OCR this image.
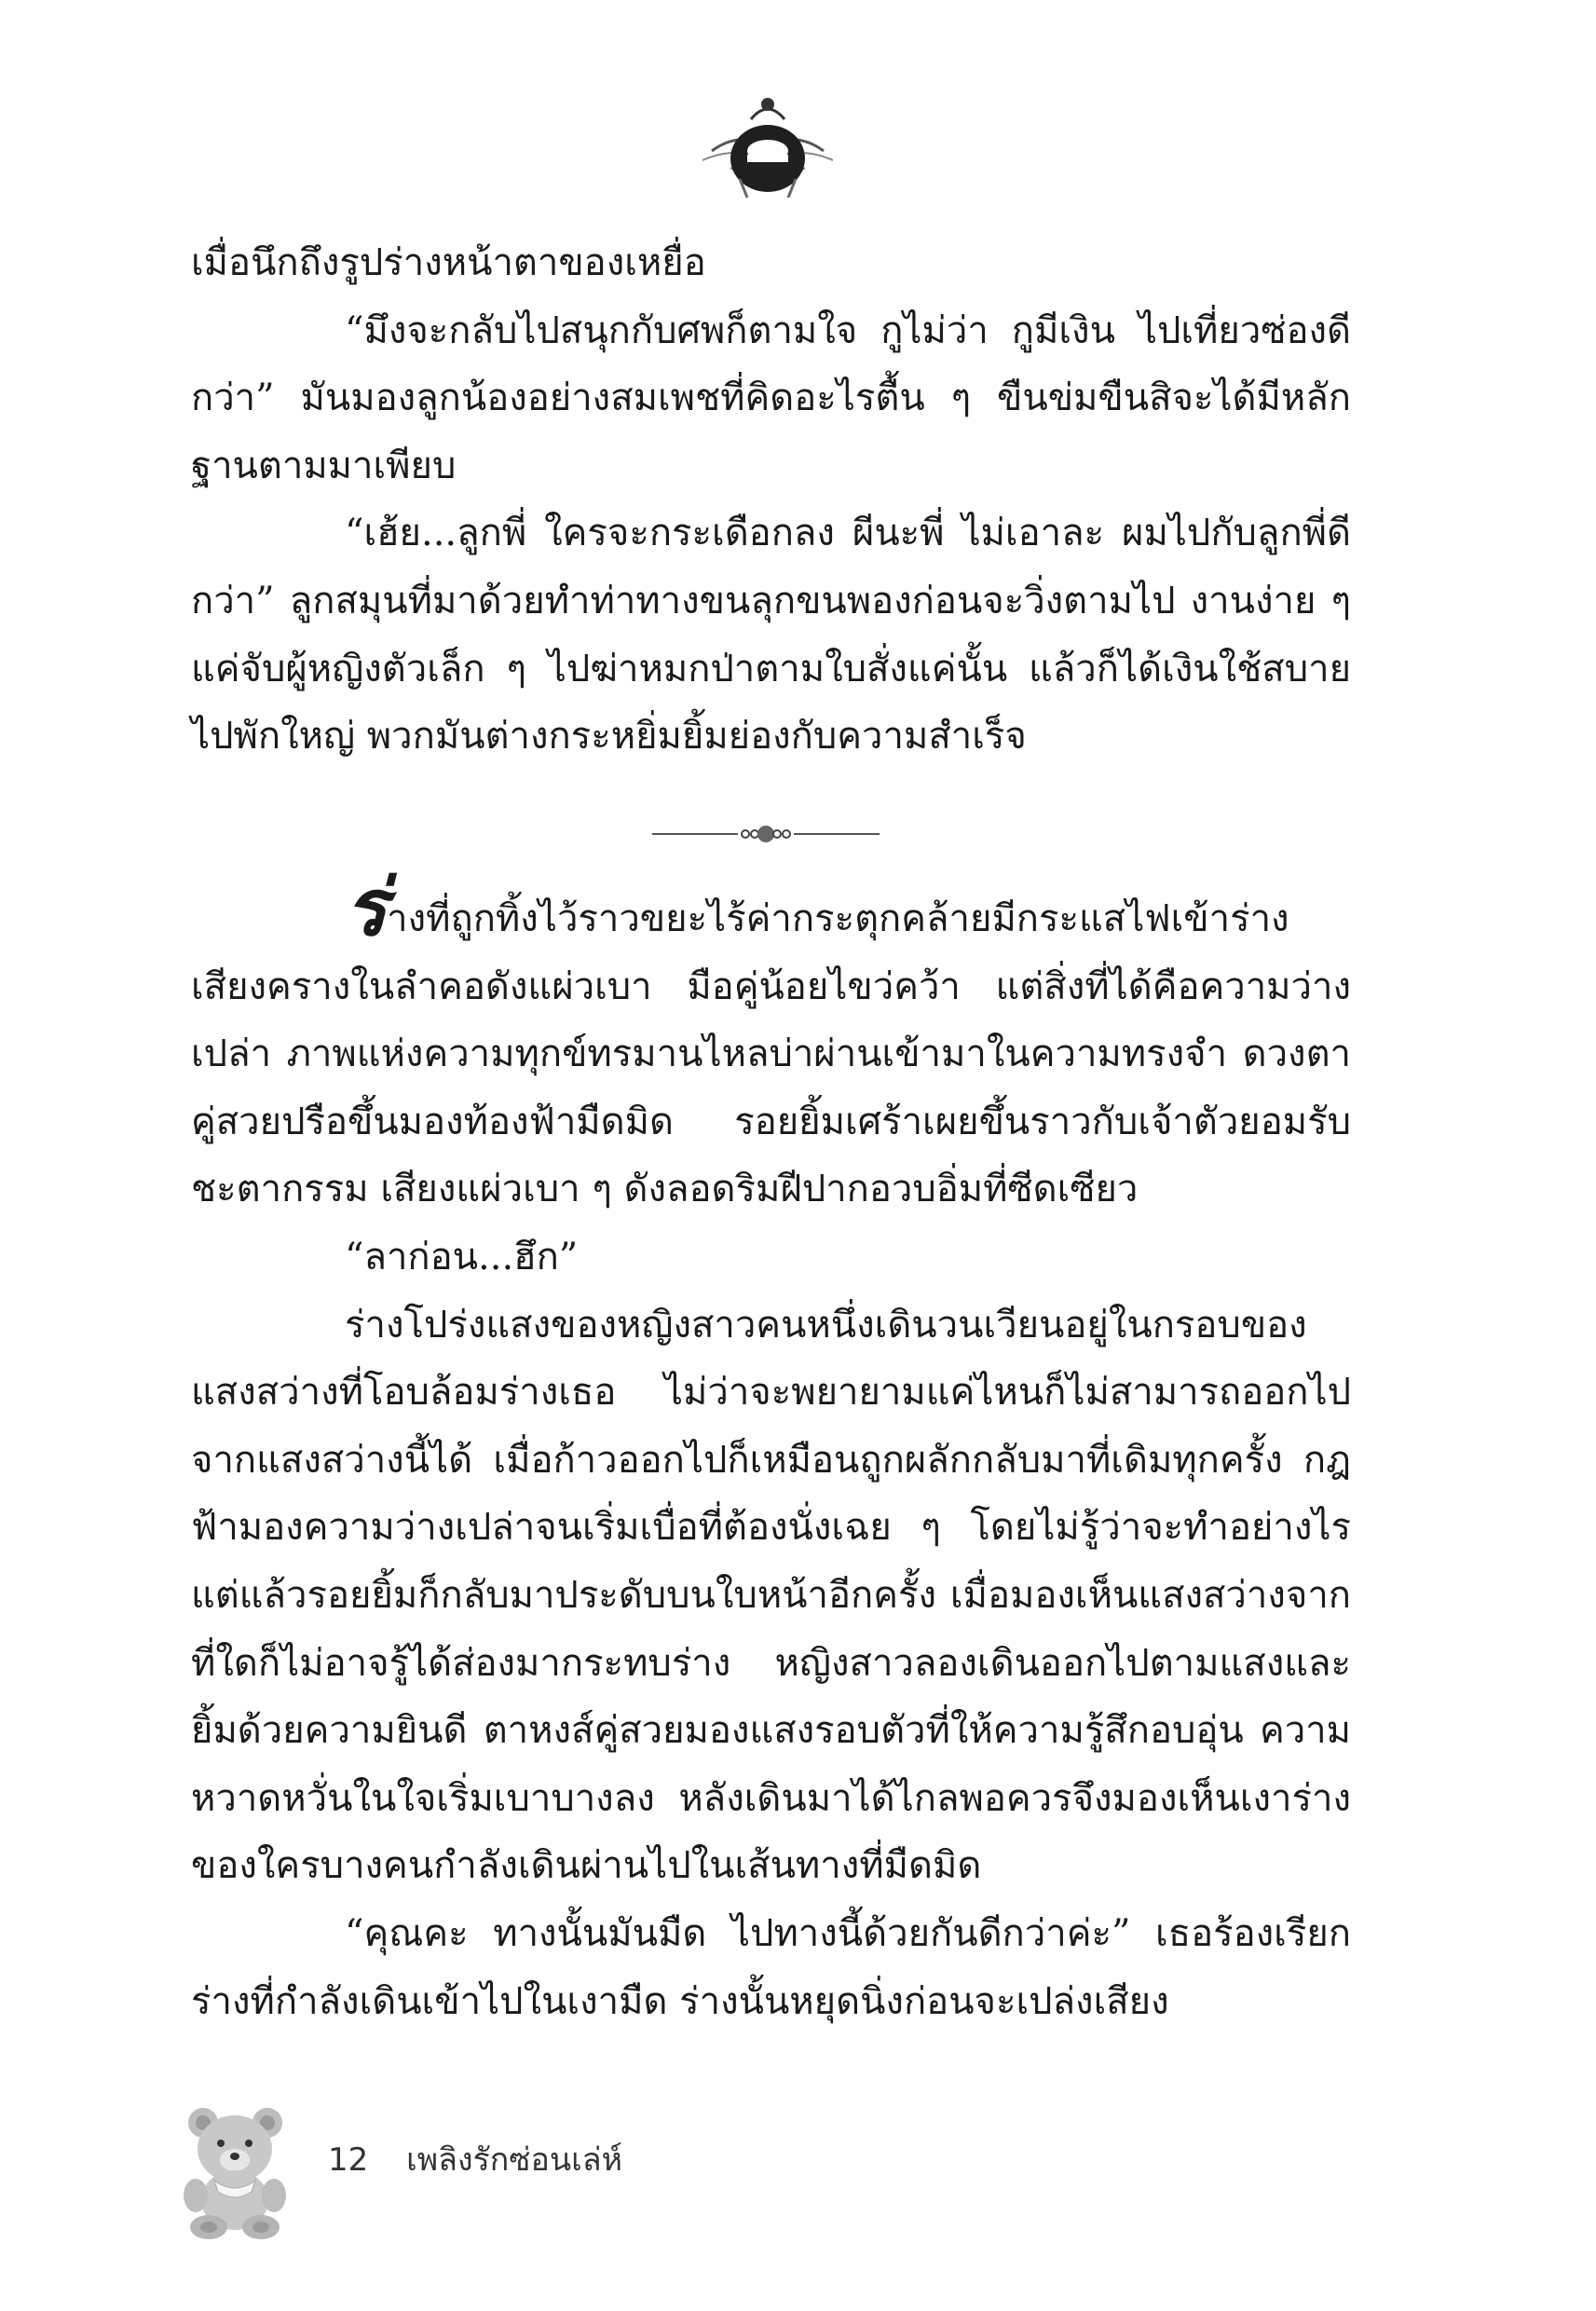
เมื่อนึกถึงรูปร่างหน้าตาของเหยื่อ

“มึงจะกลับไปสนุกกับศพก็ตามใจ กูไม่ว่า กูมีเงิน ไปเที่ยวซ่องดีกว่า” มันมองลูกน้องอย่างสมเพชที่คิดอะไรตื้น ๆ ขืนข่มขืนสิจะได้มีหลักฐานตามมาเพียบ

“เฮ้ย...ลูกพี่ ใครจะกระเดือกลง ผีนะพี่ ไม่เอาละ ผมไปกับลูกพี่ดีกว่า” ลูกสมุนที่มาด้วยทำท่าทางขนลุกขนพองก่อนจะวิ่งตามไป งานง่าย ๆ แค่จับผู้หญิงตัวเล็ก ๆ ไปฆ่าหมกป่าตามใบสั่งแค่นั้น แล้วก็ได้เงินใช้สบายไปพักใหญ่ พวกมันต่างกระหยิ่มยิ้มย่องกับความสำเร็จ

ร่างที่ถูกทิ้งไว้ราวขยะไร้ค่ากระตุกคล้ายมีกระแสไฟเข้าร่าง เสียงครางในลำคอดังแผ่วเบา มือคู่น้อยไขว่คว้า แต่สิ่งที่ได้คือความว่างเปล่า ภาพแห่งความทุกข์ทรมานไหลบ่าผ่านเข้ามาในความทรงจำ ดวงตาคู่สวยปรือขึ้นมองท้องฟ้ามืดมิด รอยยิ้มเศร้าเผยขึ้นราวกับเจ้าตัวยอมรับชะตากรรม เสียงแผ่วเบา ๆ ดังลอดริมฝีปากอวบอิ่มที่ซีดเซียว

“ลาก่อน...ฮึก”

ร่างโปร่งแสงของหญิงสาวคนหนึ่งเดินวนเวียนอยู่ในกรอบของแสงสว่างที่โอบล้อมร่างเธอ ไม่ว่าจะพยายามแค่ไหนก็ไม่สามารถออกไปจากแสงสว่างนี้ได้ เมื่อก้าวออกไปก็เหมือนถูกผลักกลับมาที่เดิมทุกครั้ง กฎฟ้ามองความว่างเปล่าจนเริ่มเบื่อที่ต้องนั่งเฉย ๆ โดยไม่รู้ว่าจะทำอย่างไร แต่แล้วรอยยิ้มก็กลับมาประดับบนใบหน้าอีกครั้ง เมื่อมองเห็นแสงสว่างจากที่ใดก็ไม่อาจรู้ได้ส่องมากระทบร่าง หญิงสาวลองเดินออกไปตามแสงและยิ้มด้วยความยินดี ตาหงส์คู่สวยมองแสงรอบตัวที่ให้ความรู้สึกอบอุ่น ความหวาดหวั่นในใจเริ่มเบาบางลง หลังเดินมาได้ไกลพอควรจึงมองเห็นเงาร่างของใครบางคนกำลังเดินผ่านไปในเส้นทางที่มืดมิด

“คุณคะ ทางนั้นมันมืด ไปทางนี้ด้วยกันดีกว่าค่ะ” เธอร้องเรียกร่างที่กำลังเดินเข้าไปในเงามืด ร่างนั้นหยุดนิ่งก่อนจะเปล่งเสียง

12 เพลิงรักซ่อนเล่ห์
